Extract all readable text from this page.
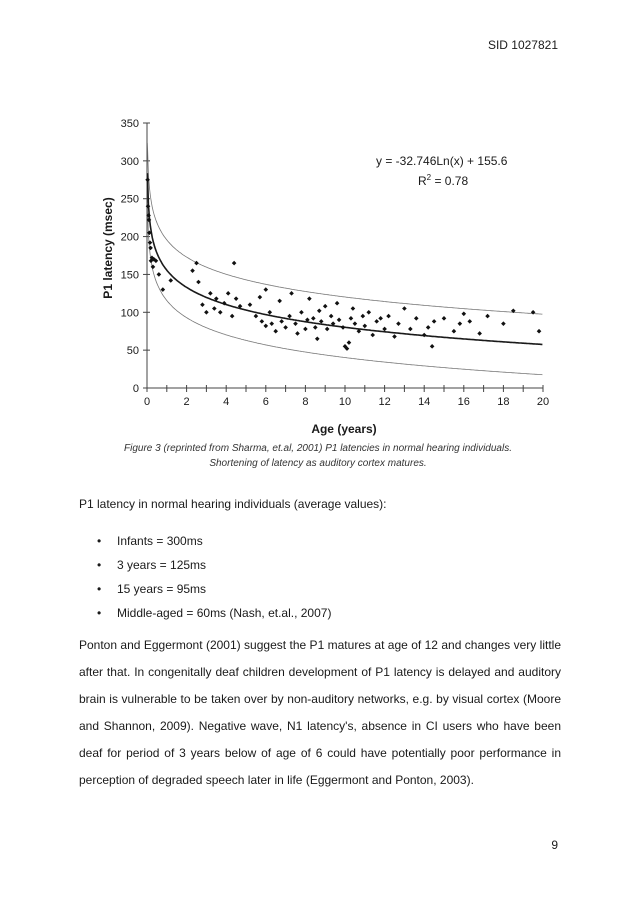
SID 1027821
0
50
100
150
200
250
300
350
0	2	4	6	8	10 12 14 16 18 20
y = -32.746Ln(x) + 155.6
$R^2 = 0.78$
Age (years)
P1 latency (msec)
Figure 3 (reprinted from Sharma, et.al, 2001) P1 latencies in normal hearing individuals.
Shortening of latency as auditory cortex matures.
P1 latency in normal hearing individuals (average values):
• Infants = 300ms
• 3 years = 125ms
• 15 years = 95ms
• Middle-aged = 60ms (Nash, et.al., 2007)

Ponton and Eggermont (2001) suggest the P1 matures at age of 12 and changes very little after that. In congenitally deaf children development of P1 latency is delayed and auditory brain is vulnerable to be taken over by non-auditory networks, e.g. by visual cortex (Moore and Shannon, 2009). Negative wave, N1 latency's, absence in CI users who have been deaf for period of 3 years below of age of 6 could have potentially poor performance in perception of degraded speech later in life (Eggermont and Ponton, 2003).

9
